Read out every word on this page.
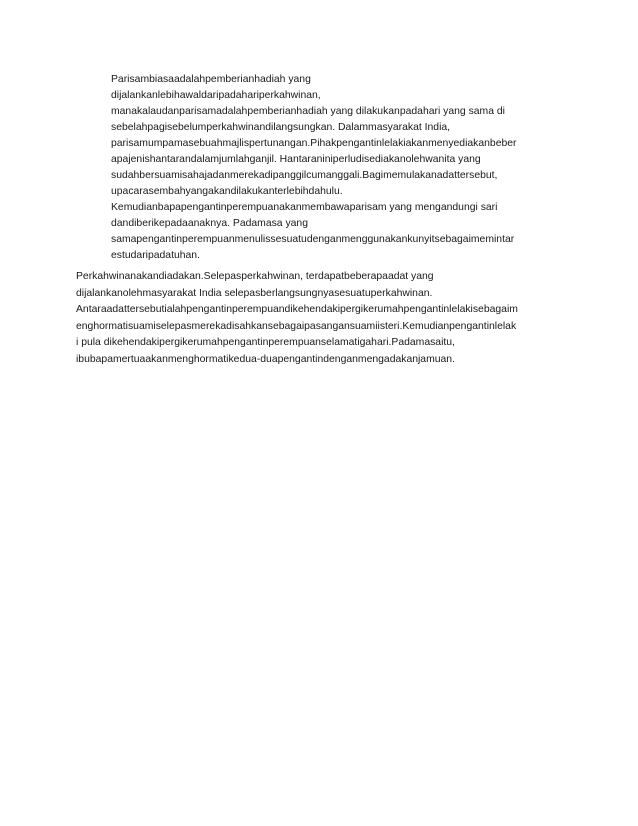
Parisambiasaadalahpemberianhadiah yang
dijalankanlebihawaldaripadahariperkahwinan,
manakalaudanparisamadalahpemberianhadiah yang dilakukanpadahari yang sama di
sebelahpagisebelumperkahwinandilangsungkan. Dalammasyarakat India,
parisamumpamasebuahmajlispertunangan.Pihakpengantinlelakiakanmenyediakanbeber
apajenishantarandalamjumlahganjil. Hantaraniniperludisediakanolehwanita yang
sudahbersuamisahajadanmerekadipanggilcumanggali.Bagimemulakanadattersebut,
upacarasembahyangakandilakukanterlebihdahulu.
Kemudianbapapengantinperempuanakanmembawaparisam yang mengandungi sari
dandiberikepadaanaknya. Padamasa yang
samapengantinperempuanmenulissesuatudenganmenggunakankunyitsebagaimemintar
estudaripadatuhan.
Perkahwinanakandiadakan.Selepasperkahwinan, terdapatbeberapaadat yang
dijalankanolehmasyarakat India selepasberlangsungnyasesuatuperkahwinan.
Antaraadattersebutialahpengantinperempuandikehendakipergikerumahpengantinlelakisebagaim
enghormatisuamiselepasmerekadisahkansebagaipasangansuamiisteri.Kemudianpengantinlelak
i pula dikehendakipergikerumahpengantinperempuanselamatigahari.Padamasaitu,
ibubapamertuaakanmenghormatikedua-duapengantindenganmengadakanjamuan.
